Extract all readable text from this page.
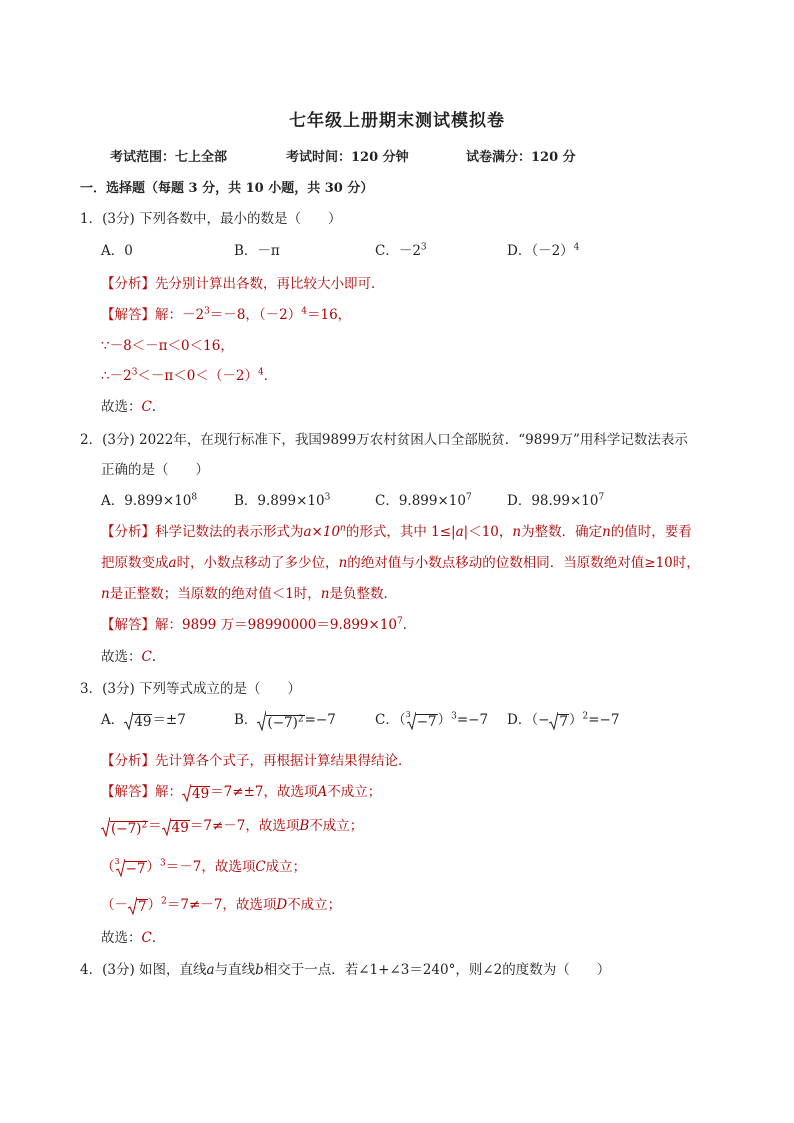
七年级上册期末测试模拟卷
考试范围：七上全部	考试时间：120 分钟	试卷满分：120 分
一．选择题（每题 3 分，共 10 小题，共 30 分）
1．(3分) 下列各数中，最小的数是（　　）
A．0	B．－π	C．$-2^3$	D．$(-2)^4$
【分析】先分别计算出各数，再比较大小即可．
【解答】解：$-2^3=-8$，$(-2)^4=16$，
∵－8＜－π＜0＜16，
$\therefore-2^3<-\pi<0<(-2)^4$．
故选：C．
2．(3分) 2022年，在现行标准下，我国9899万农村贫困人口全部脱贫．“9899万”用科学记数法表示
正确的是（　　）
A．$9.899\times 10^8$	B．$9.899\times 10^3$	C．$9.899\times 10^7$	D．$98.99\times 10^7$
【分析】科学记数法的表示形式为$a\times 10^n$的形式，其中 1≤|a|＜10，n为整数．确定n的值时，要看
把原数变成a时，小数点移动了多少位，n的绝对值与小数点移动的位数相同．当原数绝对值≥10时，
n是正整数；当原数的绝对值＜1时，n是负整数．
【解答】解：9899 万$=98990000=9.899\times 10^7$．
故选：C．
3．(3分) 下列等式成立的是（　　）
A． 49 ＝±7	B． $(-7)^2 =-7$	C．（$^3$ −7 ）$^3$=−7 D．（− 7 ）$^2$=−7
【分析】先计算各个式子，再根据计算结果得结论．
【解答】解： 49 ＝7≠±7，故选项A不成立；
$(-7)^2 = 49 =7\ne-7$，故选项B不成立；
（$^3$ −7 ）$^3$＝－7，故选项C成立；
（－ 7 ）$^2$＝7≠－7，故选项D不成立；
故选：C．
4．(3分) 如图，直线a与直线b相交于一点．若∠1+∠3＝240°，则∠2的度数为（　　）
